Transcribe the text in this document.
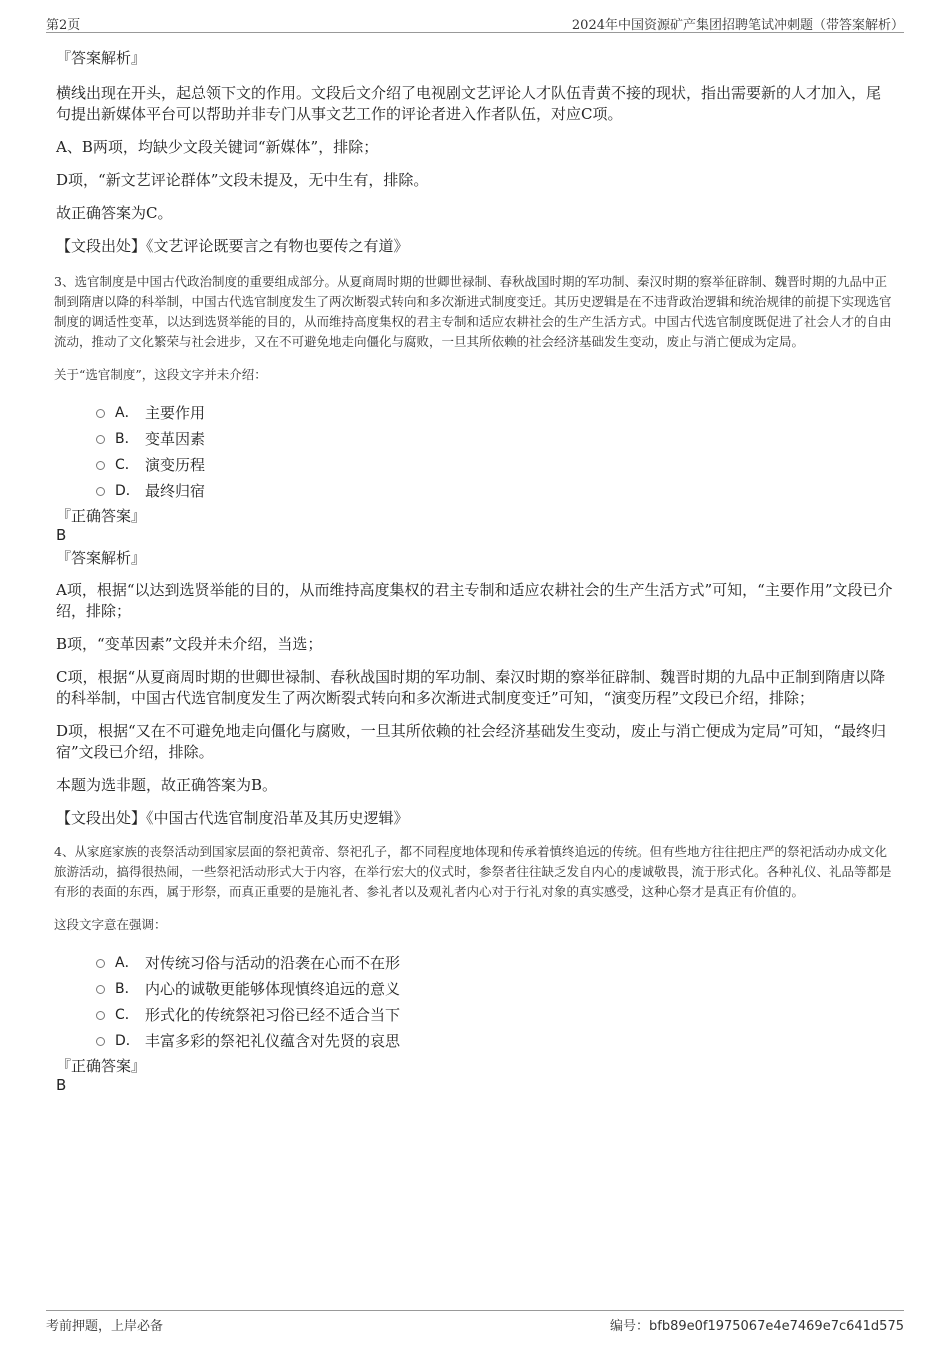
第2页	2024年中国资源矿产集团招聘笔试冲刺题（带答案解析）

『答案解析』

横线出现在开头，起总领下文的作用。文段后文介绍了电视剧文艺评论人才队伍青黄不接的现状，指出需要新的人才加入，尾句提出新媒体平台可以帮助并非专门从事文艺工作的评论者进入作者队伍，对应C项。

A、B两项，均缺少文段关键词“新媒体”，排除；

D项，“新文艺评论群体”文段未提及，无中生有，排除。

故正确答案为C。

【文段出处】《文艺评论既要言之有物也要传之有道》

3、选官制度是中国古代政治制度的重要组成部分。从夏商周时期的世卿世禄制、春秋战国时期的军功制、秦汉时期的察举征辟制、魏晋时期的九品中正制到隋唐以降的科举制，中国古代选官制度发生了两次断裂式转向和多次渐进式制度变迁。其历史逻辑是在不违背政治逻辑和统治规律的前提下实现选官制度的调适性变革，以达到选贤举能的目的，从而维持高度集权的君主专制和适应农耕社会的生产生活方式。中国古代选官制度既促进了社会人才的自由流动，推动了文化繁荣与社会进步，又在不可避免地走向僵化与腐败，一旦其所依赖的社会经济基础发生变动，废止与消亡便成为定局。

关于“选官制度”，这段文字并未介绍：

A． 主要作用
B． 变革因素
C． 演变历程
D． 最终归宿

『正确答案』

B

『答案解析』

A项，根据“以达到选贤举能的目的，从而维持高度集权的君主专制和适应农耕社会的生产生活方式”可知，“主要作用”文段已介绍，排除；

B项，“变革因素”文段并未介绍，当选；

C项，根据“从夏商周时期的世卿世禄制、春秋战国时期的军功制、秦汉时期的察举征辟制、魏晋时期的九品中正制到隋唐以降的科举制，中国古代选官制度发生了两次断裂式转向和多次渐进式制度变迁”可知，“演变历程”文段已介绍，排除；

D项，根据“又在不可避免地走向僵化与腐败，一旦其所依赖的社会经济基础发生变动，废止与消亡便成为定局”可知，“最终归宿”文段已介绍，排除。

本题为选非题，故正确答案为B。

【文段出处】《中国古代选官制度沿革及其历史逻辑》

4、从家庭家族的丧祭活动到国家层面的祭祀黄帝、祭祀孔子，都不同程度地体现和传承着慎终追远的传统。但有些地方往往把庄严的祭祀活动办成文化旅游活动，搞得很热闹，一些祭祀活动形式大于内容，在举行宏大的仪式时，参祭者往往缺乏发自内心的虔诚敬畏，流于形式化。各种礼仪、礼品等都是有形的表面的东西，属于形祭，而真正重要的是施礼者、参礼者以及观礼者内心对于行礼对象的真实感受，这种心祭才是真正有价值的。

这段文字意在强调：

A． 对传统习俗与活动的沿袭在心而不在形
B． 内心的诚敬更能够体现慎终追远的意义
C． 形式化的传统祭祀习俗已经不适合当下
D． 丰富多彩的祭祀礼仪蕴含对先贤的哀思

『正确答案』

B

考前押题，上岸必备	编号：bfb89e0f1975067e4e7469e7c641d575
